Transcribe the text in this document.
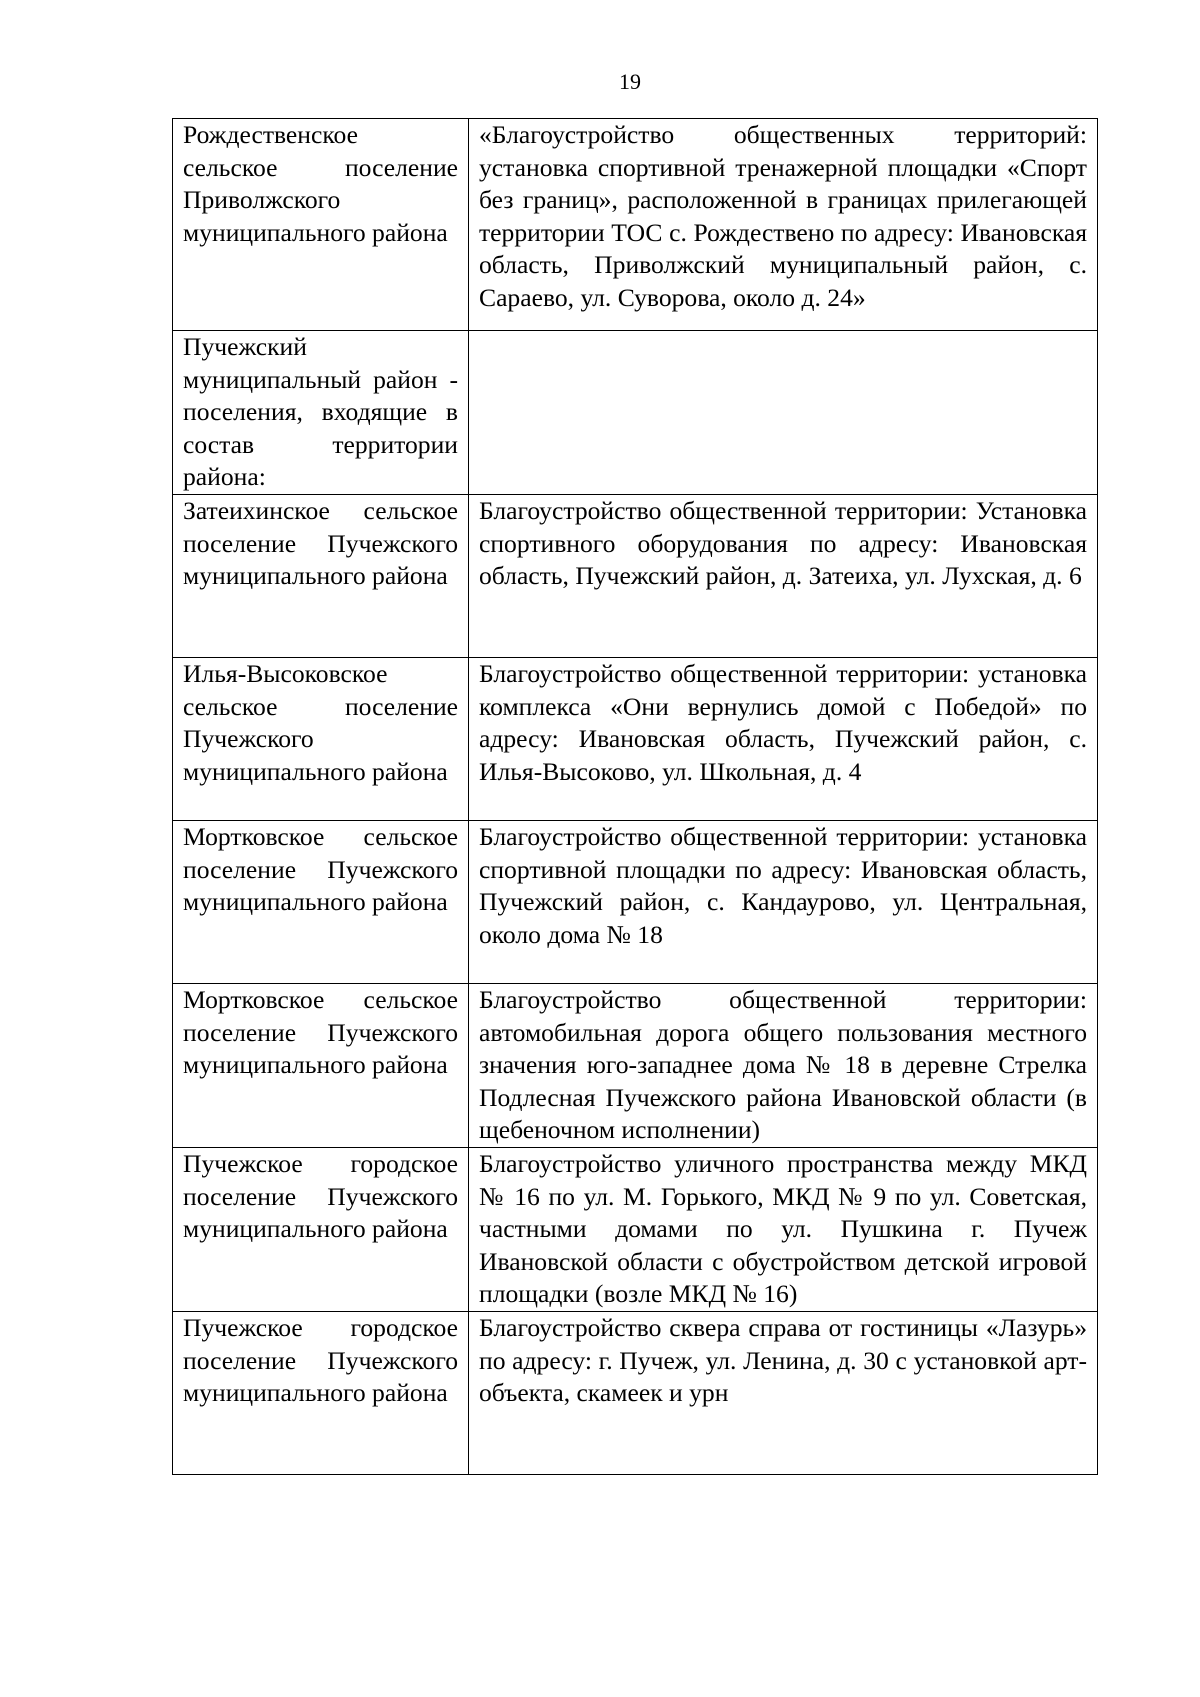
19
Рождественское сельское поселение Приволжского муниципального района	«Благоустройство общественных территорий: установка спортивной тренажерной площадки «Спорт без границ», расположенной в границах прилегающей территории ТОС с. Рождествено по адресу: Ивановская область, Приволжский муниципальный район, с. Сараево, ул. Суворова, около д. 24»

Пучежский муниципальный район - поселения, входящие в состав территории района:	

Затеихинское сельское поселение Пучежского муниципального района	Благоустройство общественной территории: Установка спортивного оборудования по адресу: Ивановская область, Пучежский район, д. Затеиха, ул. Лухская, д. 6

Илья-Высоковское сельское поселение Пучежского муниципального района	Благоустройство общественной территории: установка комплекса «Они вернулись домой с Победой» по адресу: Ивановская область, Пучежский район, с. Илья-Высоково, ул. Школьная, д. 4

Мортковское сельское поселение Пучежского муниципального района	Благоустройство общественной территории: установка спортивной площадки по адресу: Ивановская область, Пучежский район, с. Кандаурово, ул. Центральная, около дома № 18

Мортковское сельское поселение Пучежского муниципального района	Благоустройство общественной территории: автомобильная дорога общего пользования местного значения юго-западнее дома № 18 в деревне Стрелка Подлесная Пучежского района Ивановской области (в щебеночном исполнении)

Пучежское городское поселение Пучежского муниципального района	Благоустройство уличного пространства между МКД № 16 по ул. М. Горького, МКД № 9 по ул. Советская, частными домами по ул. Пушкина г. Пучеж Ивановской области с обустройством детской игровой площадки (возле МКД № 16)

Пучежское городское поселение Пучежского муниципального района	Благоустройство сквера справа от гостиницы «Лазурь» по адресу: г. Пучеж, ул. Ленина, д. 30 с установкой арт-объекта, скамеек и урн
